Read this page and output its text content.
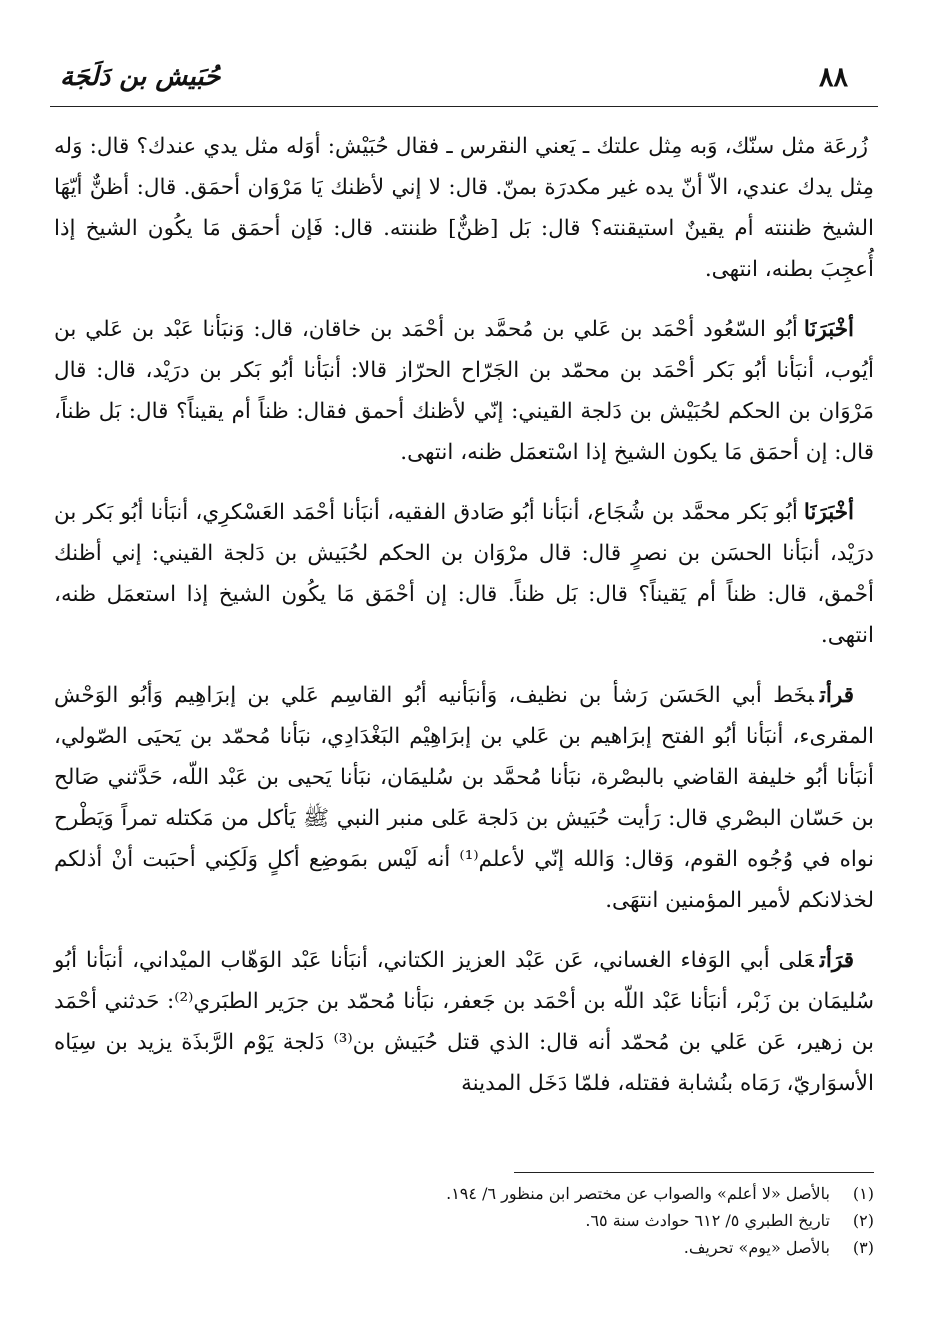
٨٨
حُبَيش بن دَلَجَة

زُرعَة مثل سنّك، وَبه مِثل علتك ـ يَعني النقرس ـ فقال حُبَيْش: أوَله مثل يدي عندك؟ قال: وَله مِثل يدك عندي، الاّ أنّ يده غير مكدرَة بمنّ. قال: لا إني لأظنك يَا مَرْوَان أحمَق. قال: أظنٌّ أيّهَا الشيخ ظننته أم يقينٌ استيقنته؟ قال: بَل [ظنٌّ] ظننته. قال: فَإن أحمَق مَا يكُون الشيخ إذا أُعجِبَ بطنه، انتهى.

أخْبَرَنَاأبُو السّعُود أحْمَد بن عَلي بن مُحمَّد بن أحْمَد بن خاقان، قال: وَنبَأنا عَبْد بن عَلي بن أيُوب، أنبَأنا أبُو بَكر أحْمَد بن محمّد بن الجَرّاح الحرّاز قالا: أنبَأنا أبُو بَكر بن درَيْد، قال: قال مَرْوَان بن الحكم لحُبَيْش بن دَلجة القيني: إنّي لأظنك أحمق فقال: ظناً أم يقيناً؟ قال: بَل ظناً، قال: إن أحمَق مَا يكون الشيخ إذا اسْتعمَل ظنه، انتهى.

أخْبَرَنَاأبُو بَكر محمَّد بن شُجَاع، أنبَأنا أبُو صَادق الفقيه، أنبَأنا أحْمَد العَسْكرِي، أنبَأنا أبُو بَكر بن درَيْد، أنبَأنا الحسَن بن نصرٍ قال: قال مرْوَان بن الحكم لحُبَيش بن دَلجة القيني: إني أظنك أحْمق، قال: ظناً أم يَقيناً؟ قال: بَل ظناً. قال: إن أحْمَق مَا يكُون الشيخ إذا استعمَل ظنه، انتهى.

قرأتبخَط أبي الحَسَن رَشأ بن نظيف، وَأنبَأنيه أبُو القاسِم عَلي بن إبرَاهِيم وَأبُو الوَحْش المقرىء، أنبَأنا أبُو الفتح إبرَاهيم بن عَلي بن إبرَاهِيْم البَغْدَادِي، نبَأنا مُحمّد بن يَحيَى الصّولي، أنبَأنا أبُو خليفة القاضي بالبصْرة، نبَأنا مُحمَّد بن سُليمَان، نبَأنا يَحيى بن عَبْد اللّه، حَدَّثني صَالح بن حَسّان البصْري قال: رَأيت حُبَيش بن دَلجة عَلى منبر النبي ﷺ يَأكل من مَكتله تمراً وَيَطْرح نواه في وُجُوه القوم، وَقال: وَالله إنّي لأعلم⁽¹⁾ أنه لَيْس بمَوضِع أكلٍ وَلَكِني أحبَبت أنْ أذلكم لخذلانكم لأمير المؤمنين انتهَى.

قرَأتعَلى أبي الوَفاء الغساني، عَن عَبْد العزيز الكتاني، أنبَأنا عَبْد الوَهّاب الميْداني، أنبَأنا أبُو سُليمَان بن زَبْر، أنبَأنا عَبْد اللّه بن أحْمَد بن جَعفر، نبَأنا مُحمّد بن جرَير الطبَري⁽²⁾: حَدثني أحْمَد بن زهير، عَن عَلي بن مُحمّد أنه قال: الذي قتل حُبَيش بن⁽³⁾ دَلجة يَوْم الرَّبذَة يزيد بن سِيَاه الأسوَاريّ، رَمَاه بنُشابة فقتله، فلمّا دَخَل المدينة

(١)بالأصل «لا أعلم» والصواب عن مختصر ابن منظور ٦/ ١٩٤.
(٢)تاريخ الطبري ٥/ ٦١٢ حوادث سنة ٦٥.
(٣)بالأصل «يوم» تحريف.
